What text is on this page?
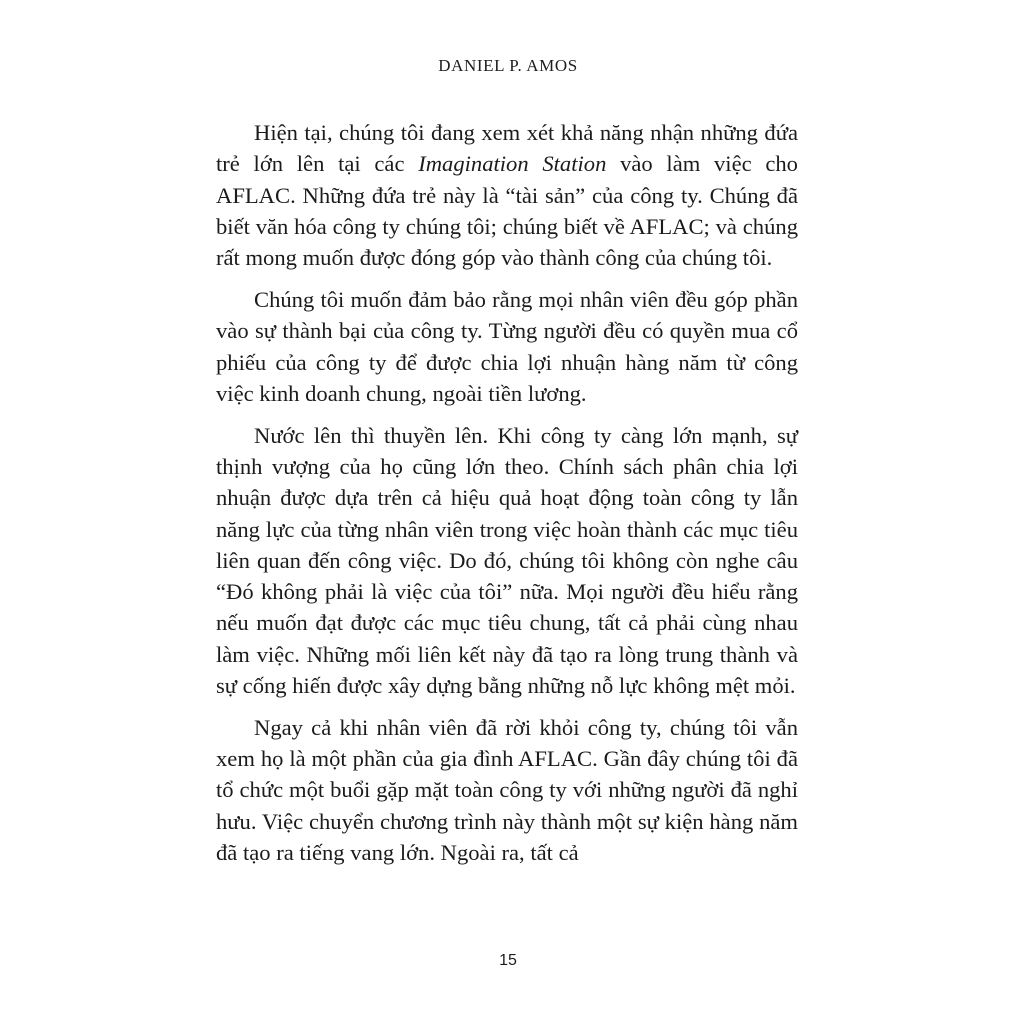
DANIEL P. AMOS

Hiện tại, chúng tôi đang xem xét khả năng nhận những đứa trẻ lớn lên tại các Imagination Station vào làm việc cho AFLAC. Những đứa trẻ này là “tài sản” của công ty. Chúng đã biết văn hóa công ty chúng tôi; chúng biết về AFLAC; và chúng rất mong muốn được đóng góp vào thành công của chúng tôi.

Chúng tôi muốn đảm bảo rằng mọi nhân viên đều góp phần vào sự thành bại của công ty. Từng người đều có quyền mua cổ phiếu của công ty để được chia lợi nhuận hàng năm từ công việc kinh doanh chung, ngoài tiền lương.

Nước lên thì thuyền lên. Khi công ty càng lớn mạnh, sự thịnh vượng của họ cũng lớn theo. Chính sách phân chia lợi nhuận được dựa trên cả hiệu quả hoạt động toàn công ty lẫn năng lực của từng nhân viên trong việc hoàn thành các mục tiêu liên quan đến công việc. Do đó, chúng tôi không còn nghe câu “Đó không phải là việc của tôi” nữa. Mọi người đều hiểu rằng nếu muốn đạt được các mục tiêu chung, tất cả phải cùng nhau làm việc. Những mối liên kết này đã tạo ra lòng trung thành và sự cống hiến được xây dựng bằng những nỗ lực không mệt mỏi.

Ngay cả khi nhân viên đã rời khỏi công ty, chúng tôi vẫn xem họ là một phần của gia đình AFLAC. Gần đây chúng tôi đã tổ chức một buổi gặp mặt toàn công ty với những người đã nghỉ hưu. Việc chuyển chương trình này thành một sự kiện hàng năm đã tạo ra tiếng vang lớn. Ngoài ra, tất cả

15
